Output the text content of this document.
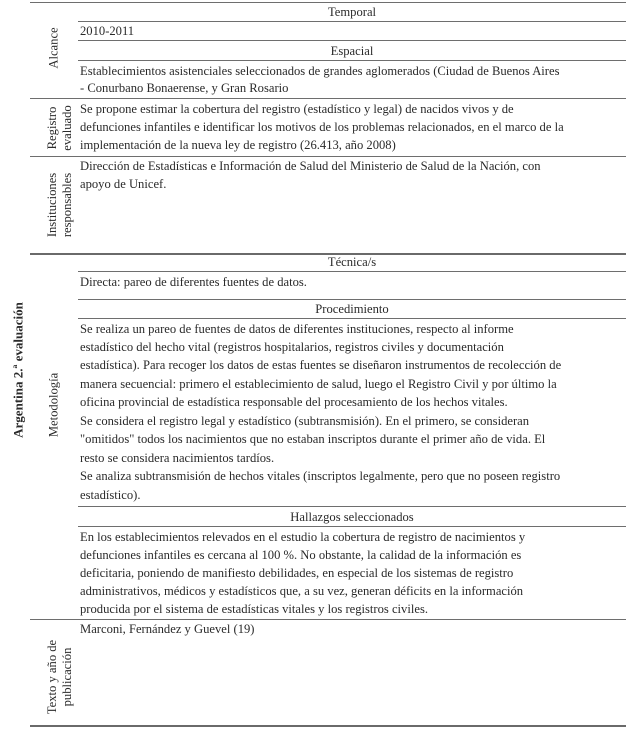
Argentina 2.ª evaluación
Alcance
Temporal
2010-2011
Espacial
Establecimientos asistenciales seleccionados de grandes aglomerados (Ciudad de Buenos Aires
- Conurbano Bonaerense, y Gran Rosario
Registro evaluado Se propone estimar la cobertura del registro (estadístico y legal) de nacidos vivos y de
defunciones infantiles e identificar los motivos de los problemas relacionados, en el marco de la
implementación de la nueva ley de registro (26.413, año 2008)
Instituciones responsables
Dirección de Estadísticas e Información de Salud del Ministerio de Salud de la Nación, con
apoyo de Unicef.
Metodología
Técnica/s
Directa: pareo de diferentes fuentes de datos.
Procedimiento
Se realiza un pareo de fuentes de datos de diferentes instituciones, respecto al informe
estadístico del hecho vital (registros hospitalarios, registros civiles y documentación
estadística). Para recoger los datos de estas fuentes se diseñaron instrumentos de recolección de
manera secuencial: primero el establecimiento de salud, luego el Registro Civil y por último la
oficina provincial de estadística responsable del procesamiento de los hechos vitales.
Se considera el registro legal y estadístico (subtransmisión). En el primero, se consideran
"omitidos" todos los nacimientos que no estaban inscriptos durante el primer año de vida. El
resto se considera nacimientos tardíos.
Se analiza subtransmisión de hechos vitales (inscriptos legalmente, pero que no poseen registro
estadístico).
Hallazgos seleccionados
En los establecimientos relevados en el estudio la cobertura de registro de nacimientos y
defunciones infantiles es cercana al 100 %. No obstante, la calidad de la información es
deficitaria, poniendo de manifiesto debilidades, en especial de los sistemas de registro
administrativos, médicos y estadísticos que, a su vez, generan déficits en la información
producida por el sistema de estadísticas vitales y los registros civiles.
Texto y año de publicación
Marconi, Fernández y Guevel (19)
